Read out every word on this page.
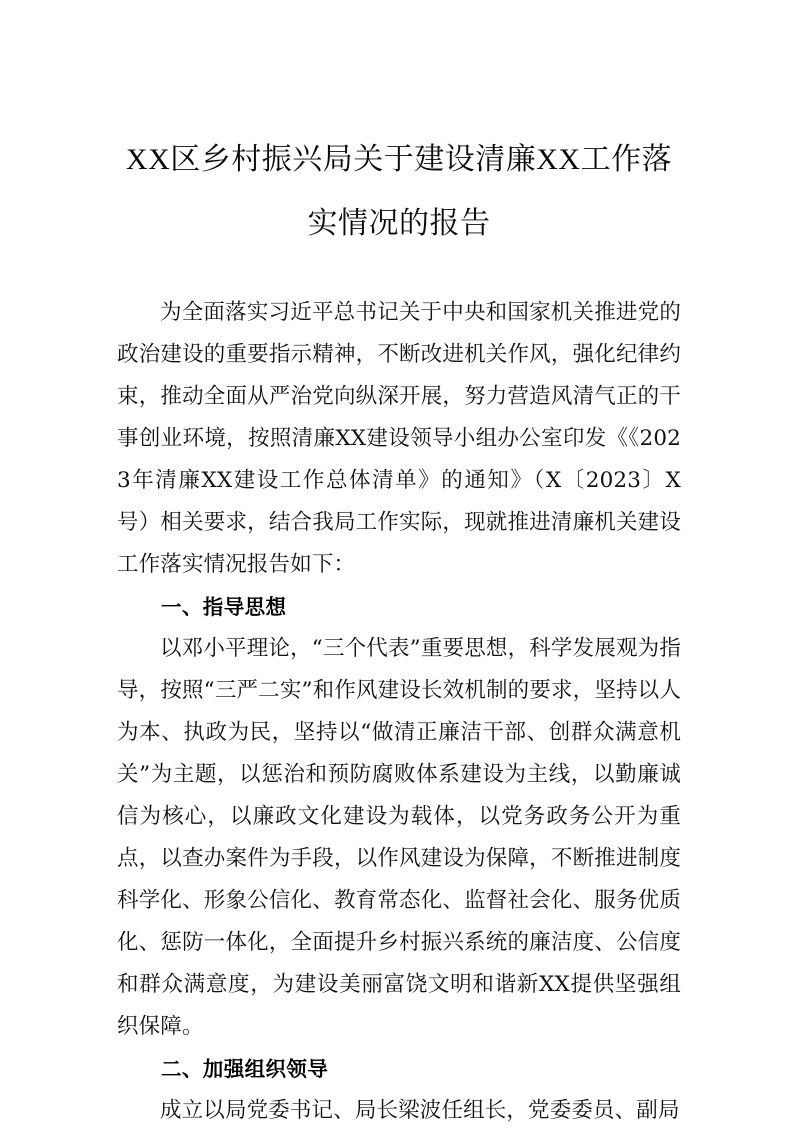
XX区乡村振兴局关于建设清廉XX工作落实情况的报告

为全面落实习近平总书记关于中央和国家机关推进党的政治建设的重要指示精神，不断改进机关作风，强化纪律约束，推动全面从严治党向纵深开展，努力营造风清气正的干事创业环境，按照清廉XX建设领导小组办公室印发《《2023年清廉XX建设工作总体清单》的通知》（X〔2023〕X号）相关要求，结合我局工作实际，现就推进清廉机关建设工作落实情况报告如下：

一、指导思想

以邓小平理论，“三个代表”重要思想，科学发展观为指导，按照“三严二实”和作风建设长效机制的要求，坚持以人为本、执政为民，坚持以“做清正廉洁干部、创群众满意机关”为主题，以惩治和预防腐败体系建设为主线，以勤廉诚信为核心，以廉政文化建设为载体，以党务政务公开为重点，以查办案件为手段，以作风建设为保障，不断推进制度科学化、形象公信化、教育常态化、监督社会化、服务优质化、惩防一体化，全面提升乡村振兴系统的廉洁度、公信度和群众满意度，为建设美丽富饶文明和谐新XX提供坚强组织保障。

二、加强组织领导

成立以局党委书记、局长梁波任组长，党委委员、副局
